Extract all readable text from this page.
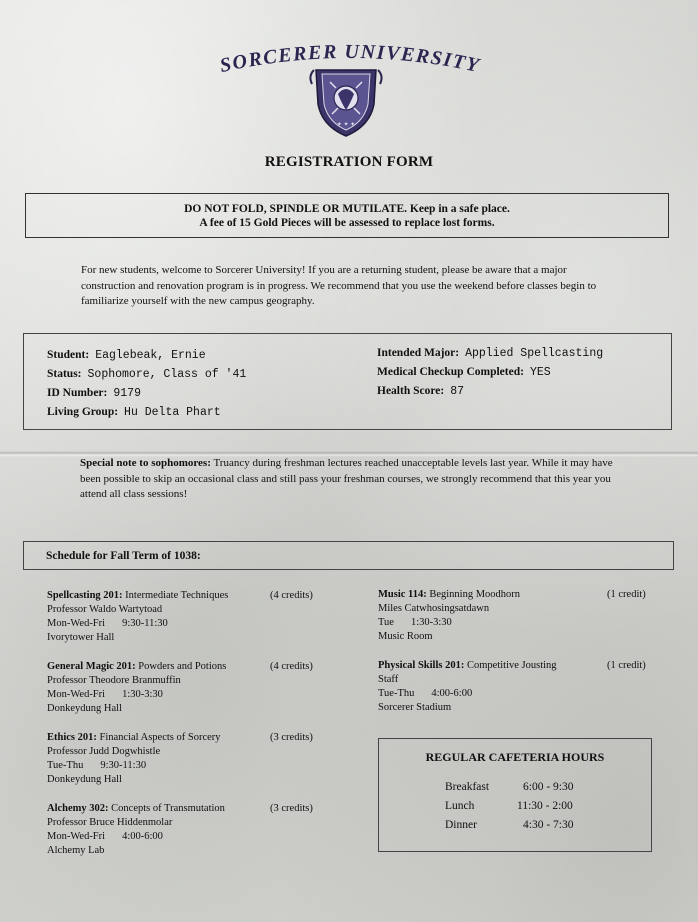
SORCERER UNIVERSITY
✦ ✦ ✦
REGISTRATION FORM
DO NOT FOLD, SPINDLE OR MUTILATE. Keep in a safe place.
A fee of 15 Gold Pieces will be assessed to replace lost forms.
For new students, welcome to Sorcerer University! If you are a returning student, please be aware that a major construction and renovation program is in progress. We recommend that you use the weekend before classes begin to familiarize yourself with the new campus geography.
Student: Eaglebeak, Ernie
Status: Sophomore, Class of '41
ID Number: 9179
Living Group: Hu Delta Phart
Intended Major: Applied Spellcasting
Medical Checkup Completed: YES
Health Score: 87
Special note to sophomores: Truancy during freshman lectures reached unacceptable levels last year. While it may have been possible to skip an occasional class and still pass your freshman courses, we strongly recommend that this year you attend all class sessions!
Schedule for Fall Term of 1038:
Spellcasting 201: Intermediate Techniques	(4 credits)
Professor Waldo Wartytoad
Mon-Wed-Fri 9:30-11:30
Ivorytower Hall
General Magic 201: Powders and Potions	(4 credits)
Professor Theodore Branmuffin
Mon-Wed-Fri 1:30-3:30
Donkeydung Hall
Ethics 201: Financial Aspects of Sorcery	(3 credits)
Professor Judd Dogwhistle
Tue-Thu 9:30-11:30
Donkeydung Hall
Alchemy 302: Concepts of Transmutation	(3 credits)
Professor Bruce Hiddenmolar
Mon-Wed-Fri 4:00-6:00
Alchemy Lab
Music 114: Beginning Moodhorn	(1 credit)
Miles Catwhosingsatdawn
Tue 1:30-3:30
Music Room
Physical Skills 201: Competitive Jousting	(1 credit)
Staff
Tue-Thu 4:00-6:00
Sorcerer Stadium
REGULAR CAFETERIA HOURS
Breakfast	6:00 - 9:30
Lunch	11:30 - 2:00
Dinner	4:30 - 7:30
